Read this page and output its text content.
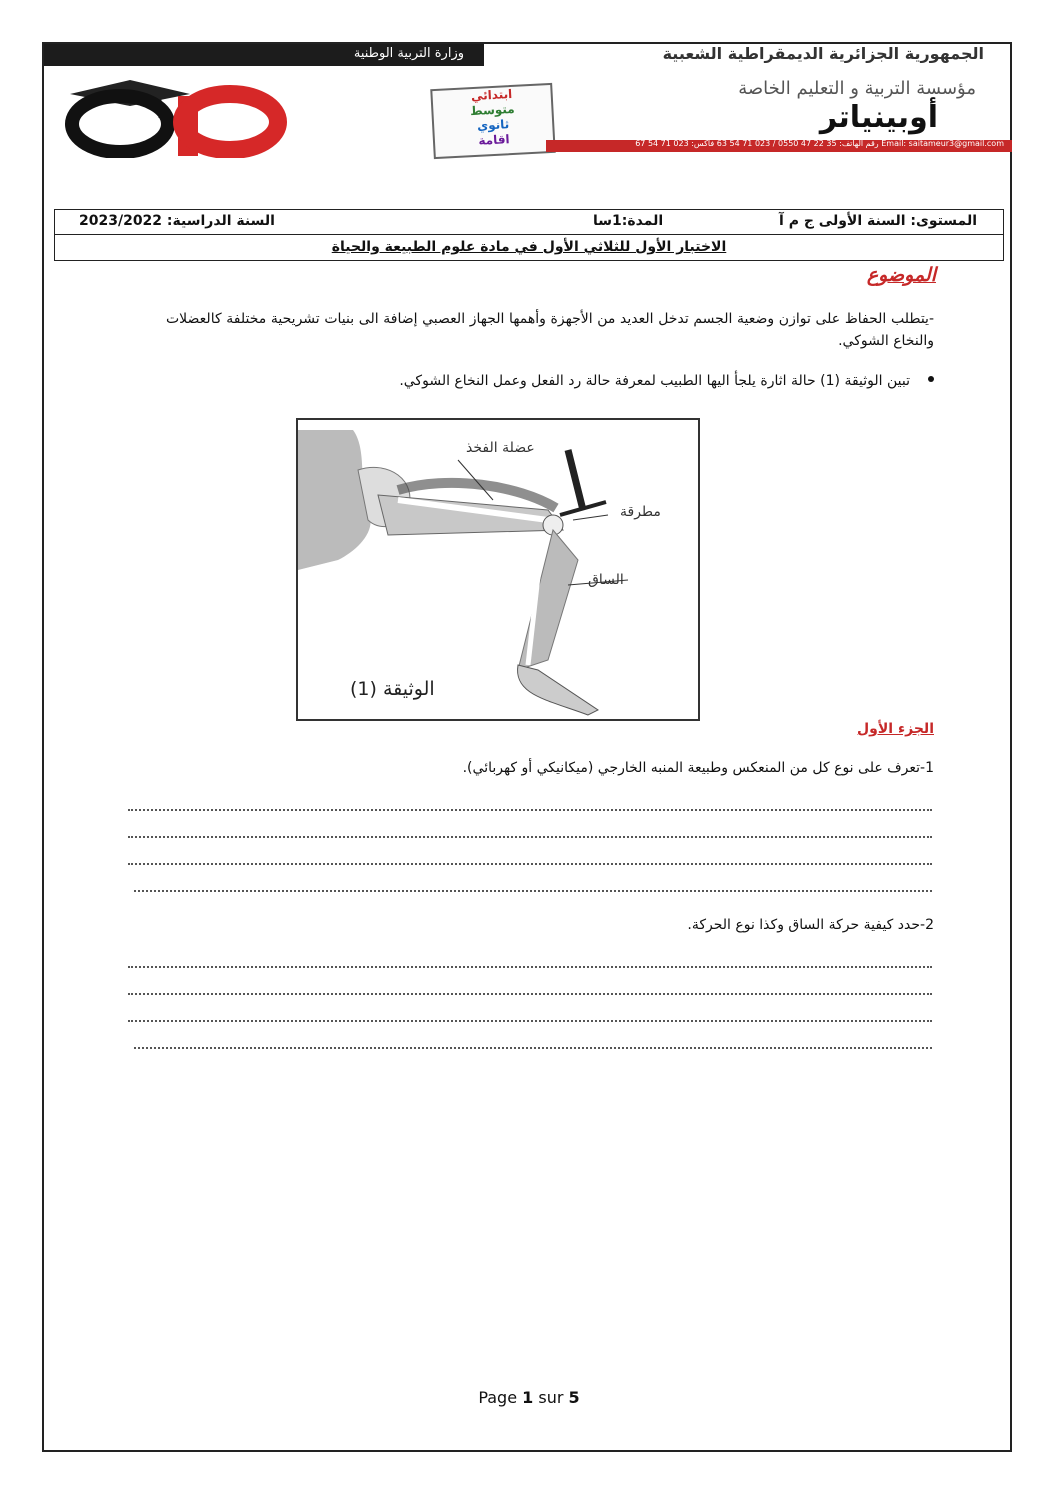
وزارة التربية الوطنية	الجمهورية الجزائرية الديمقراطية الشعبية
مؤسسة التربية و التعليم الخاصة
أوبينياتر
ابتدائي
متوسط
ثانوي
اقامة	رقم الهاتف: 35 22 47 0550 / 023 71 54 63 فاكس: 023 71 54 67 Email: saitameur3@gmail.com
المستوى: السنة الأولى ج م آ
المدة:1سا
السنة الدراسية: 2023/2022
الاختبار الأول للثلاثي الأول في مادة علوم الطبيعة والحياة
الموضوع
-يتطلب الحفاظ على توازن وضعية الجسم تدخل العديد من الأجهزة وأهمها الجهاز العصبي إضافة الى بنيات تشريحية مختلفة كالعضلات والنخاع الشوكي.
تبين الوثيقة (1) حالة اثارة يلجأ اليها الطبيب لمعرفة حالة رد الفعل وعمل النخاع الشوكي.
عضلة الفخذ
مطرقة
الساق
الوثيقة (1)
الجزء الأول
1-تعرف على نوع كل من المنعكس وطبيعة المنبه الخارجي (ميكانيكي أو كهربائي).
2-حدد كيفية حركة الساق وكذا نوع الحركة.
Page 1 sur 5
